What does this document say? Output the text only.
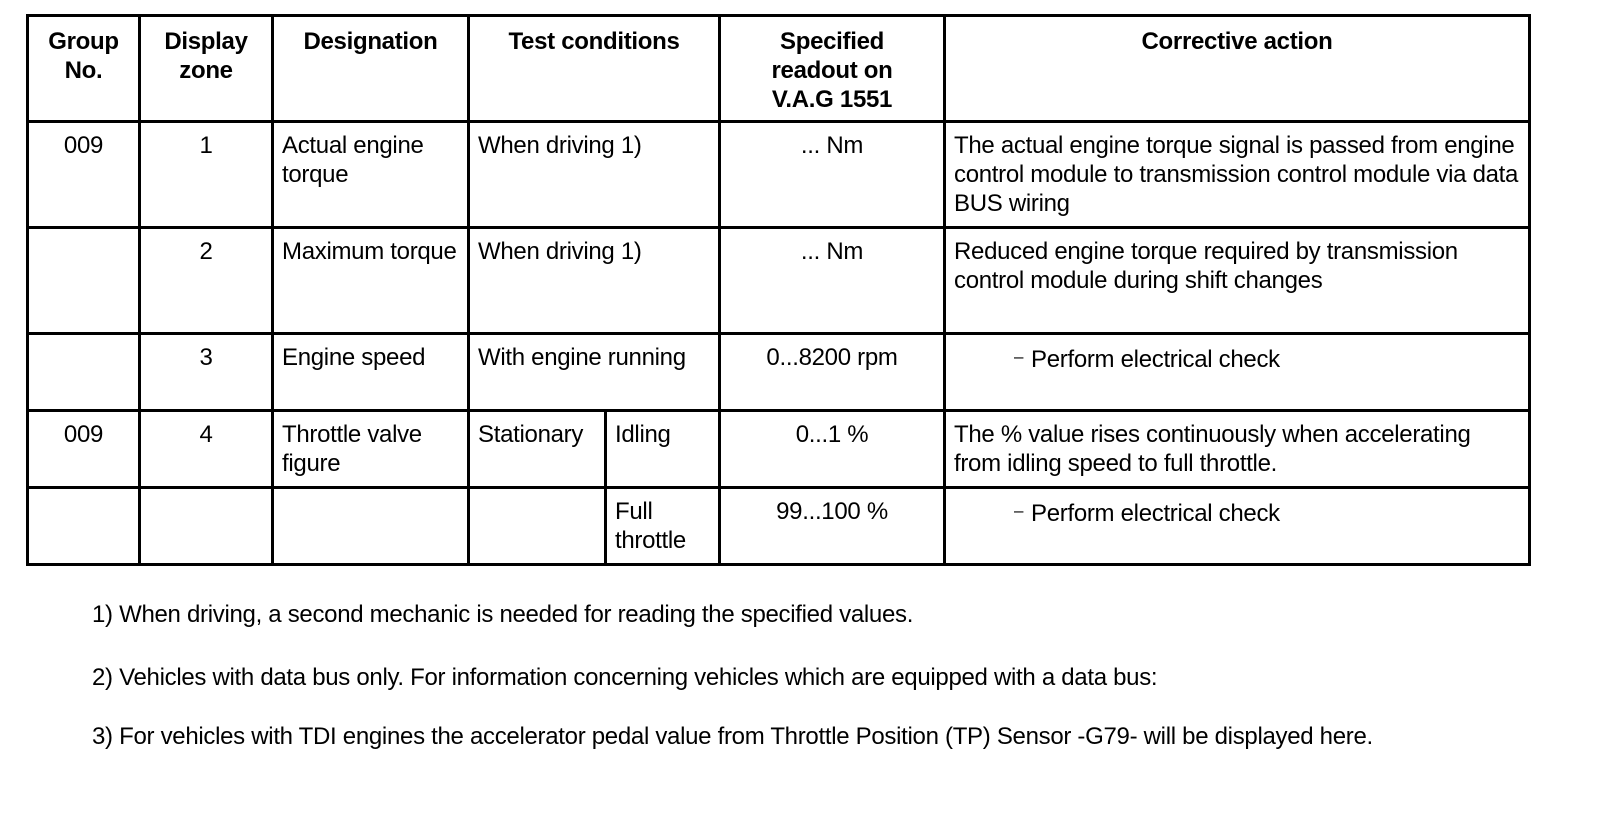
Group
No.	Display
zone	Designation	Test conditions		Specified
readout on
V.A.G 1551	Corrective action
009	1	Actual engine torque	When driving 1)		... Nm	The actual engine torque signal is passed from engine control module to transmission control module via data BUS wiring
	2	Maximum torque	When driving 1)		... Nm	Reduced engine torque required by transmission control module during shift changes
	3	Engine speed	With engine running		0...8200 rpm	– Perform electrical check

009	4	Throttle valve figure	Stationary	Idling	0...1 %	The % value rises continuously when accelerating from idling speed to full throttle.
				Full throttle	99...100 %	– Perform electrical check

1) When driving, a second mechanic is needed for reading the specified values.

2) Vehicles with data bus only. For information concerning vehicles which are equipped with a data bus:

3) For vehicles with TDI engines the accelerator pedal value from Throttle Position (TP) Sensor -G79- will be displayed here.
